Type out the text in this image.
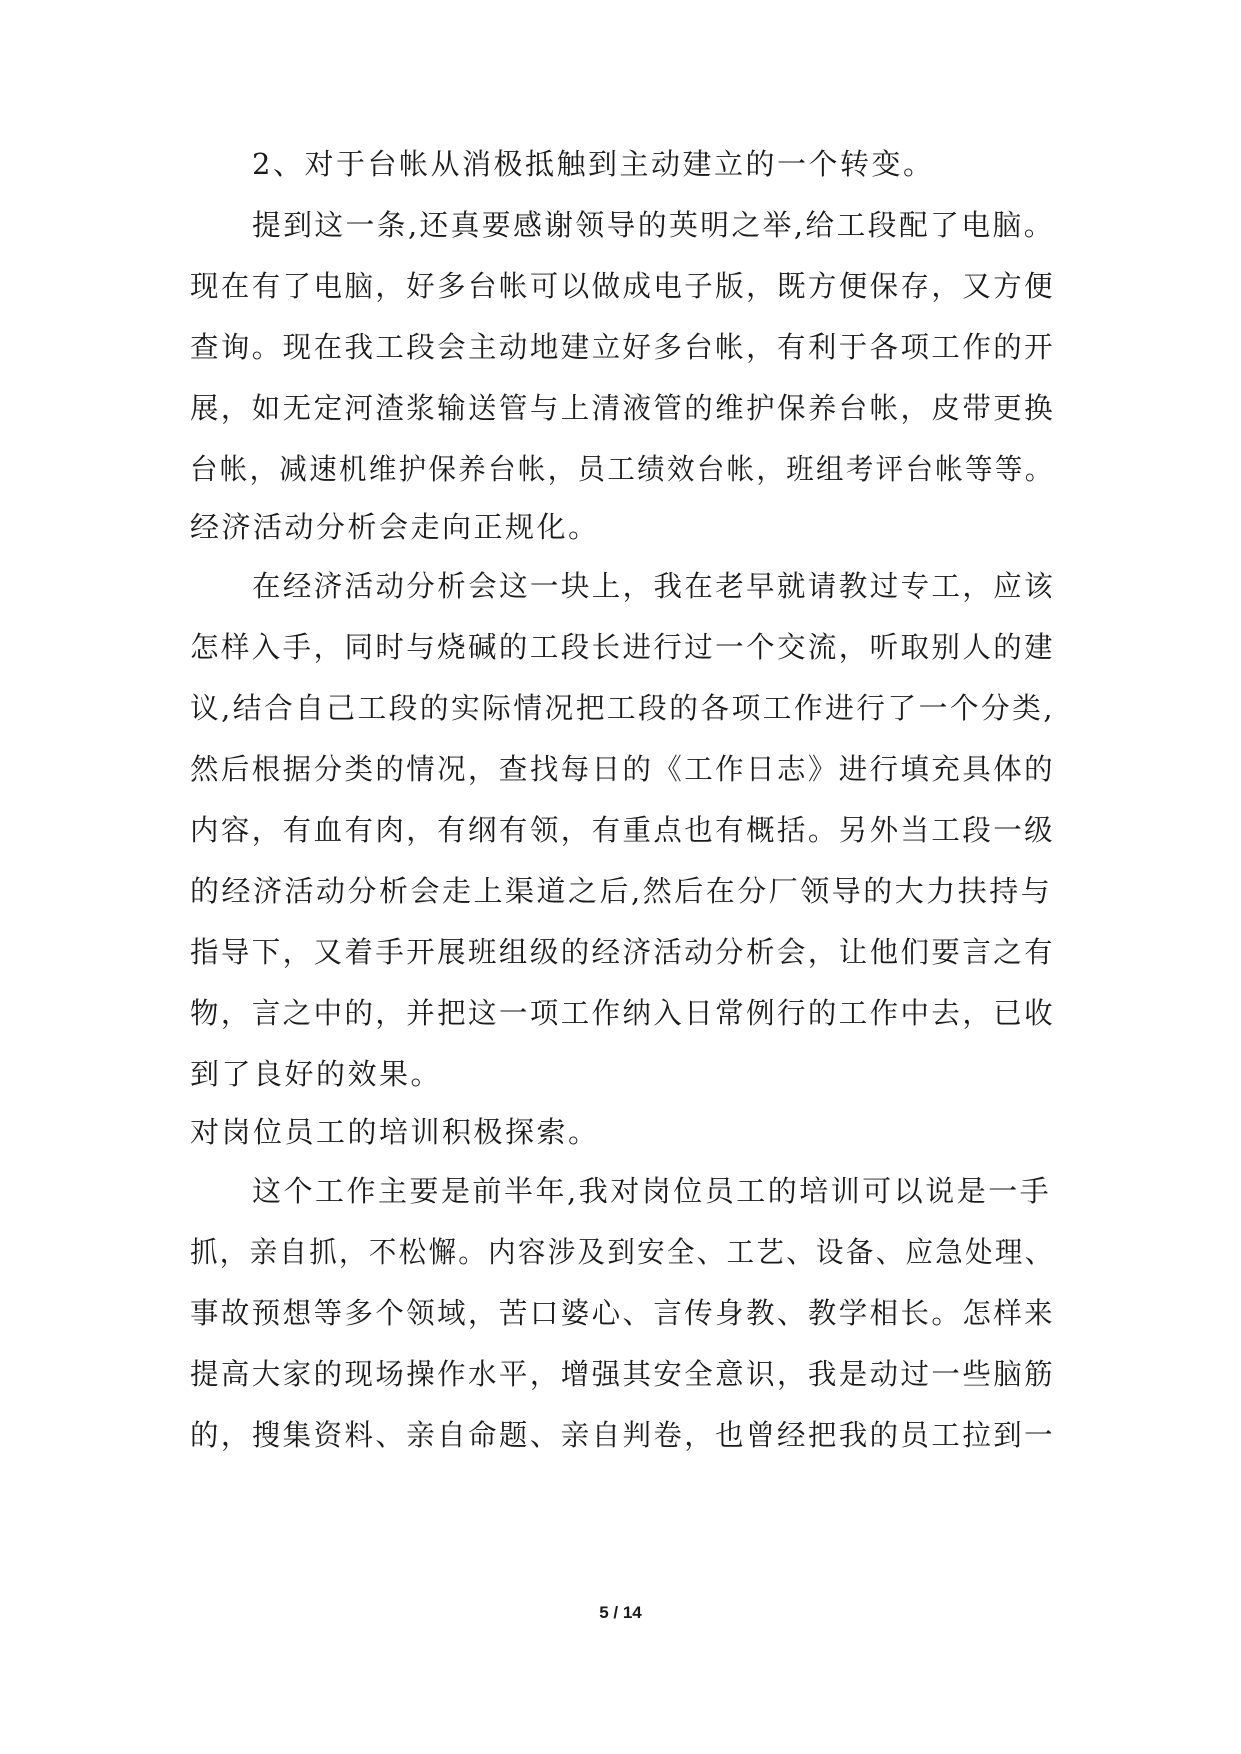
2、对于台帐从消极抵触到主动建立的一个转变。
提到这一条,还真要感谢领导的英明之举,给工段配了电脑。
现在有了电脑，好多台帐可以做成电子版，既方便保存，又方便
查询。现在我工段会主动地建立好多台帐，有利于各项工作的开
展，如无定河渣浆输送管与上清液管的维护保养台帐，皮带更换
台帐，减速机维护保养台帐，员工绩效台帐，班组考评台帐等等。
经济活动分析会走向正规化。
在经济活动分析会这一块上，我在老早就请教过专工，应该
怎样入手，同时与烧碱的工段长进行过一个交流，听取别人的建
议,结合自己工段的实际情况把工段的各项工作进行了一个分类,
然后根据分类的情况，查找每日的《工作日志》进行填充具体的
内容，有血有肉，有纲有领，有重点也有概括。另外当工段一级
的经济活动分析会走上渠道之后,然后在分厂领导的大力扶持与
指导下，又着手开展班组级的经济活动分析会，让他们要言之有
物，言之中的，并把这一项工作纳入日常例行的工作中去，已收
到了良好的效果。
对岗位员工的培训积极探索。
这个工作主要是前半年,我对岗位员工的培训可以说是一手
抓，亲自抓，不松懈。内容涉及到安全、工艺、设备、应急处理、
事故预想等多个领域，苦口婆心、言传身教、教学相长。怎样来
提高大家的现场操作水平，增强其安全意识，我是动过一些脑筋
的，搜集资料、亲自命题、亲自判卷，也曾经把我的员工拉到一
5 / 14
